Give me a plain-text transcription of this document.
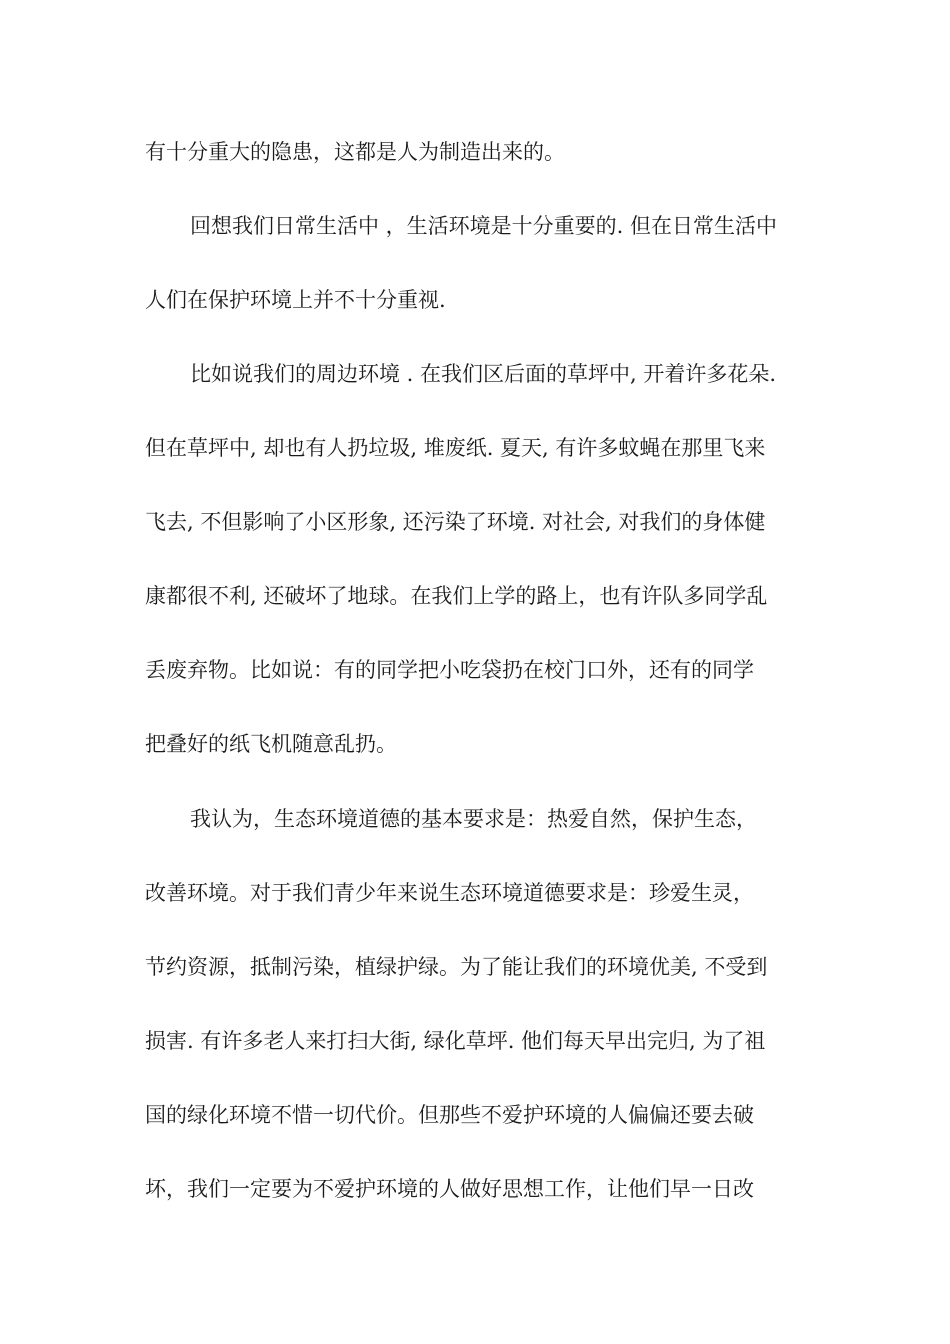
有十分重大的隐患，这都是人为制造出来的。
回想我们日常生活中 ，生活环境是十分重要的. 但在日常生活中
人们在保护环境上并不十分重视.
比如说我们的周边环境 . 在我们区后面的草坪中, 开着许多花朵.
但在草坪中, 却也有人扔垃圾, 堆废纸. 夏天, 有许多蚊蝇在那里飞来
飞去, 不但影响了小区形象, 还污染了环境. 对社会, 对我们的身体健
康都很不利, 还破坏了地球。在我们上学的路上，也有许队多同学乱
丢废弃物。比如说：有的同学把小吃袋扔在校门口外，还有的同学
把叠好的纸飞机随意乱扔。
我认为，生态环境道德的基本要求是：热爱自然，保护生态，
改善环境。对于我们青少年来说生态环境道德要求是：珍爱生灵，
节约资源，抵制污染，植绿护绿。为了能让我们的环境优美, 不受到
损害. 有许多老人来打扫大街, 绿化草坪. 他们每天早出完归, 为了祖
国的绿化环境不惜一切代价。但那些不爱护环境的人偏偏还要去破
坏，我们一定要为不爱护环境的人做好思想工作，让他们早一日改
